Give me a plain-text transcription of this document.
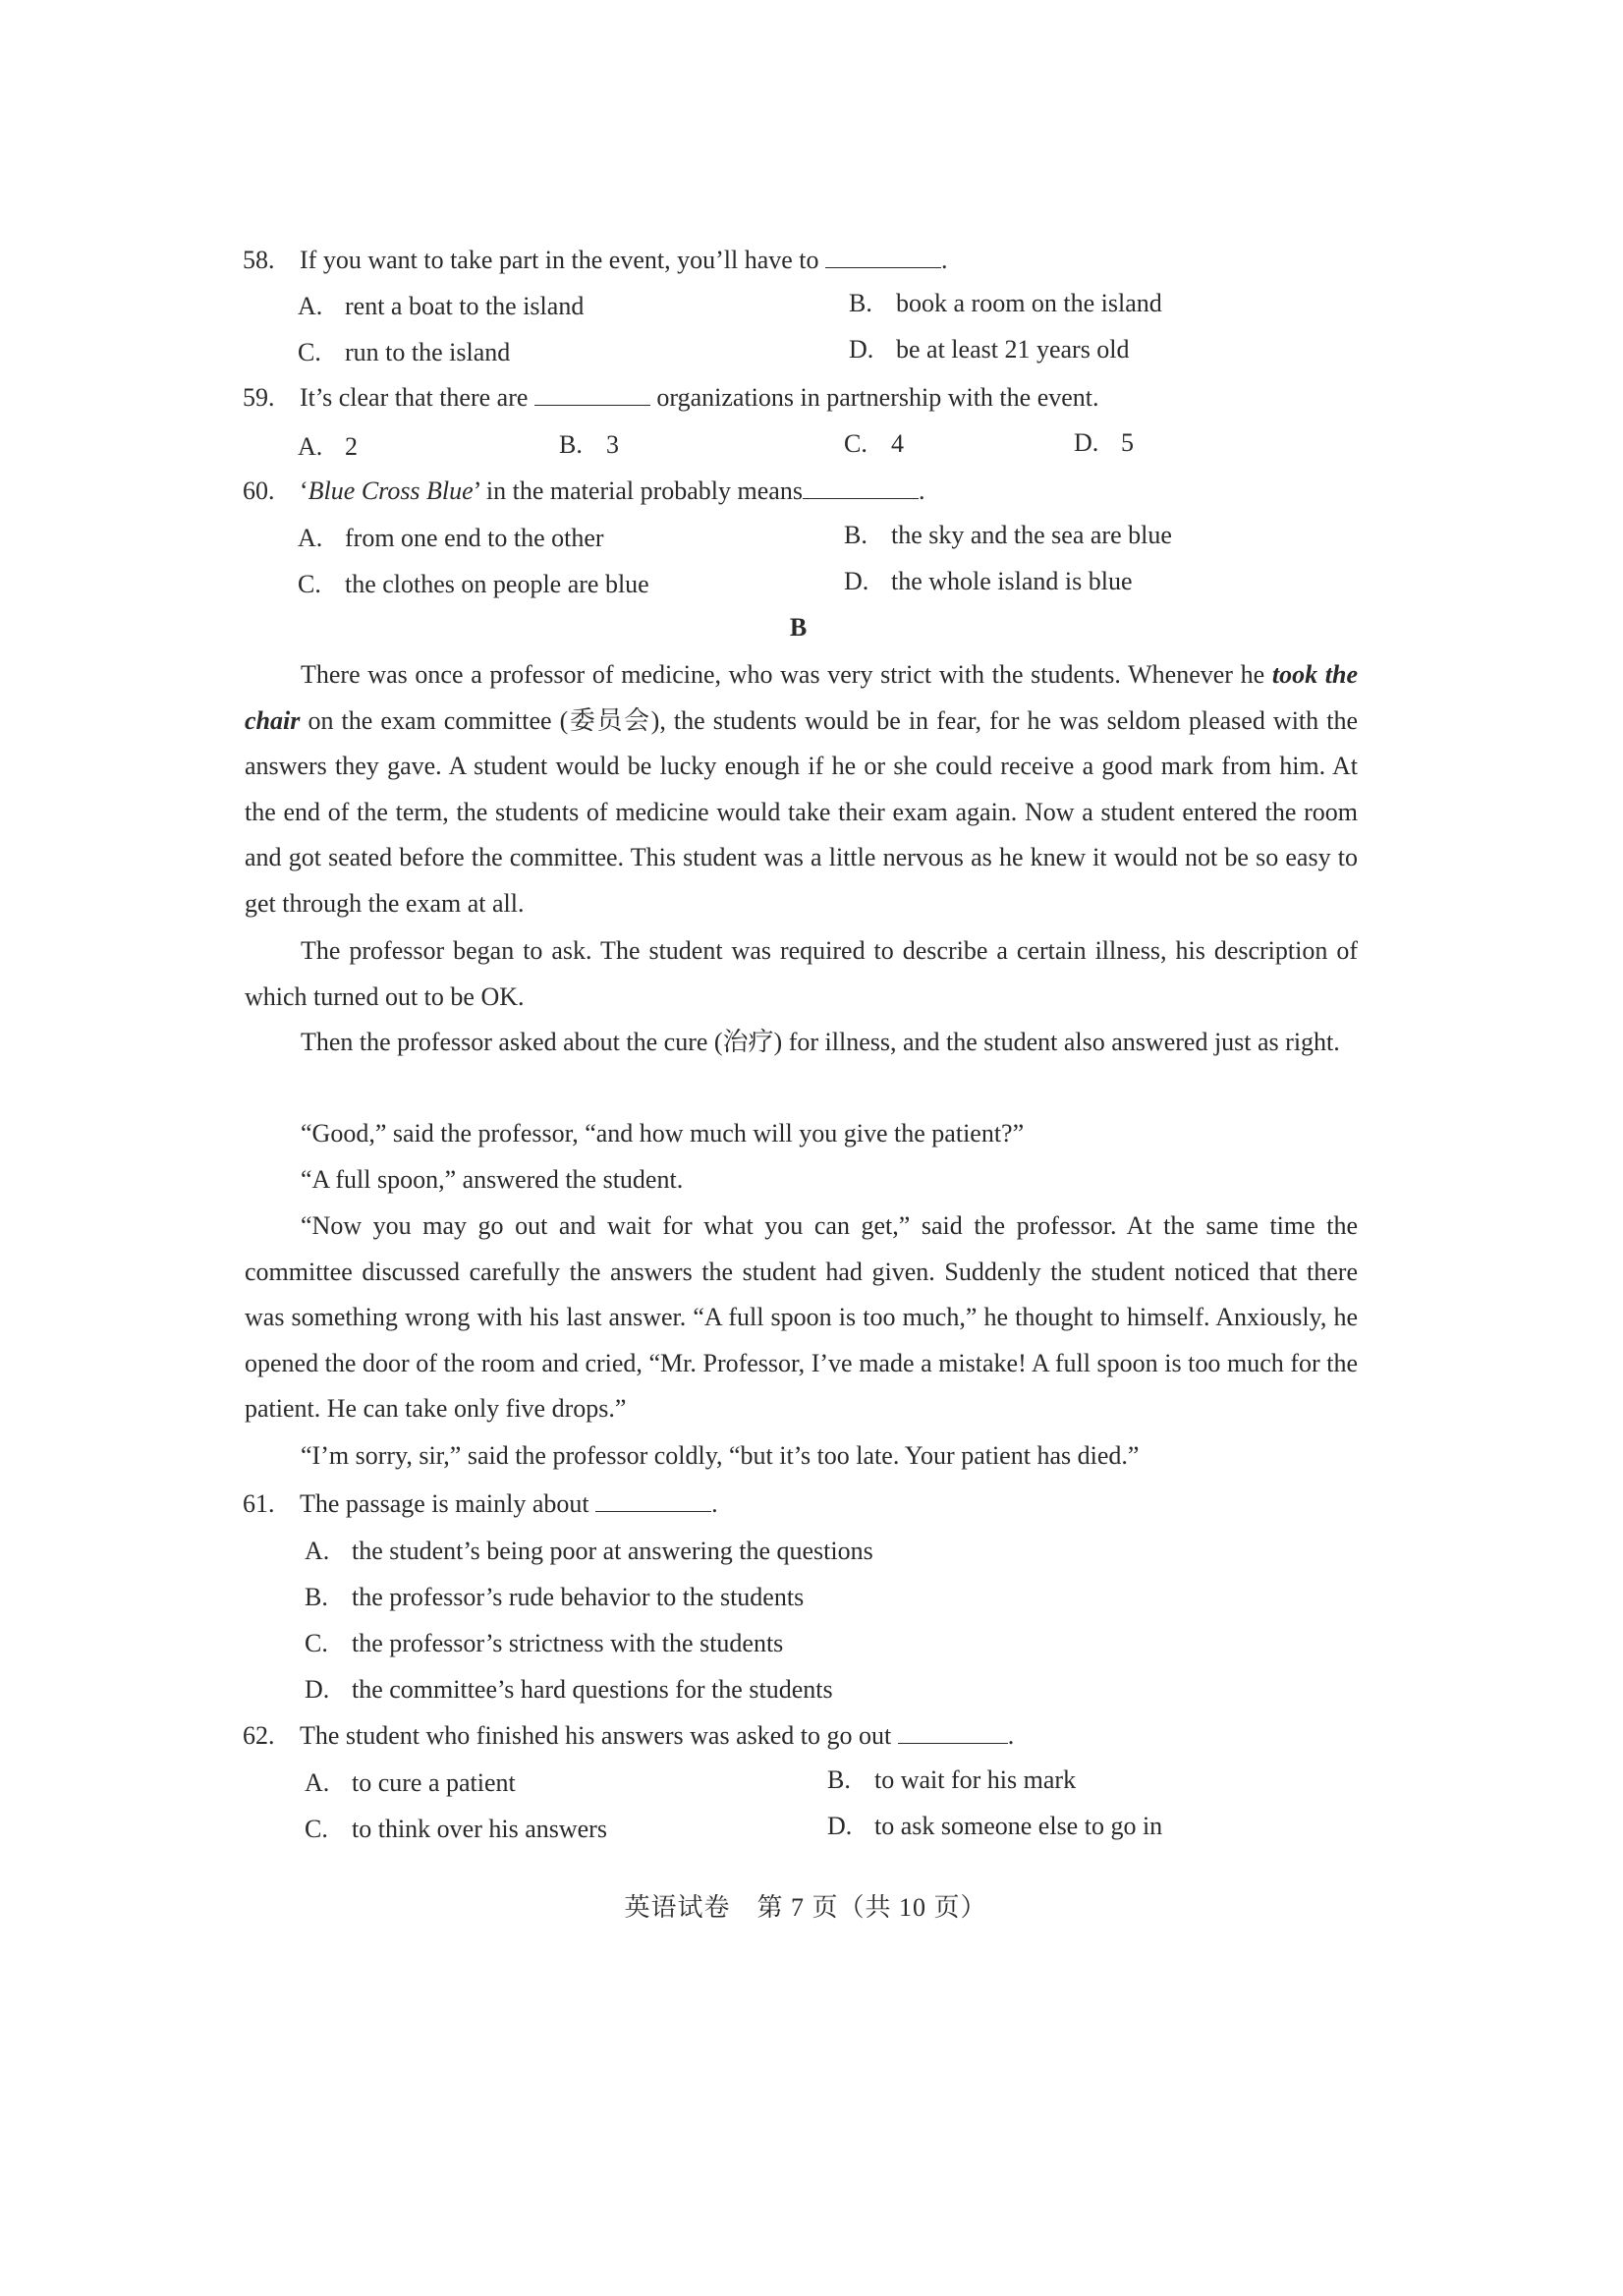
58. If you want to take part in the event, you’ll have to	.
A. rent a boat to the island	B. book a room on the island
C. run to the island	D. be at least 21 years old
59. It’s clear that there are	organizations in partnership with the event.
A. 2	B. 3	C. 4	D. 5
60. ‘Blue Cross Blue’ in the material probably means	.
A. from one end to the other	B. the sky and the sea are blue
C. the clothes on people are blue	D. the whole island is blue
B
There was once a professor of medicine, who was very strict with the students. Whenever he took the chair on the exam committee (委员会), the students would be in fear, for he was seldom pleased with the answers they gave. A student would be lucky enough if he or she could receive a good mark from him. At the end of the term, the students of medicine would take their exam again. Now a student entered the room and got seated before the committee. This student was a little nervous as he knew it would not be so easy to get through the exam at all.
The professor began to ask. The student was required to describe a certain illness, his description of which turned out to be OK.
Then the professor asked about the cure (治疗) for illness, and the student also answered just as right.
“Good,” said the professor, “and how much will you give the patient?”
“A full spoon,” answered the student.
“Now you may go out and wait for what you can get,” said the professor. At the same time the committee discussed carefully the answers the student had given. Suddenly the student noticed that there was something wrong with his last answer. “A full spoon is too much,” he thought to himself. Anxiously, he opened the door of the room and cried, “Mr. Professor, I’ve made a mistake! A full spoon is too much for the patient. He can take only five drops.”
“I’m sorry, sir,” said the professor coldly, “but it’s too late. Your patient has died.”
61. The passage is mainly about	.
A. the student’s being poor at answering the questions
B. the professor’s rude behavior to the students
C. the professor’s strictness with the students
D. the committee’s hard questions for the students
62. The student who finished his answers was asked to go out	.
A. to cure a patient	B. to wait for his mark
C. to think over his answers	D. to ask someone else to go in
英语试卷　第 7 页（共 10 页）
